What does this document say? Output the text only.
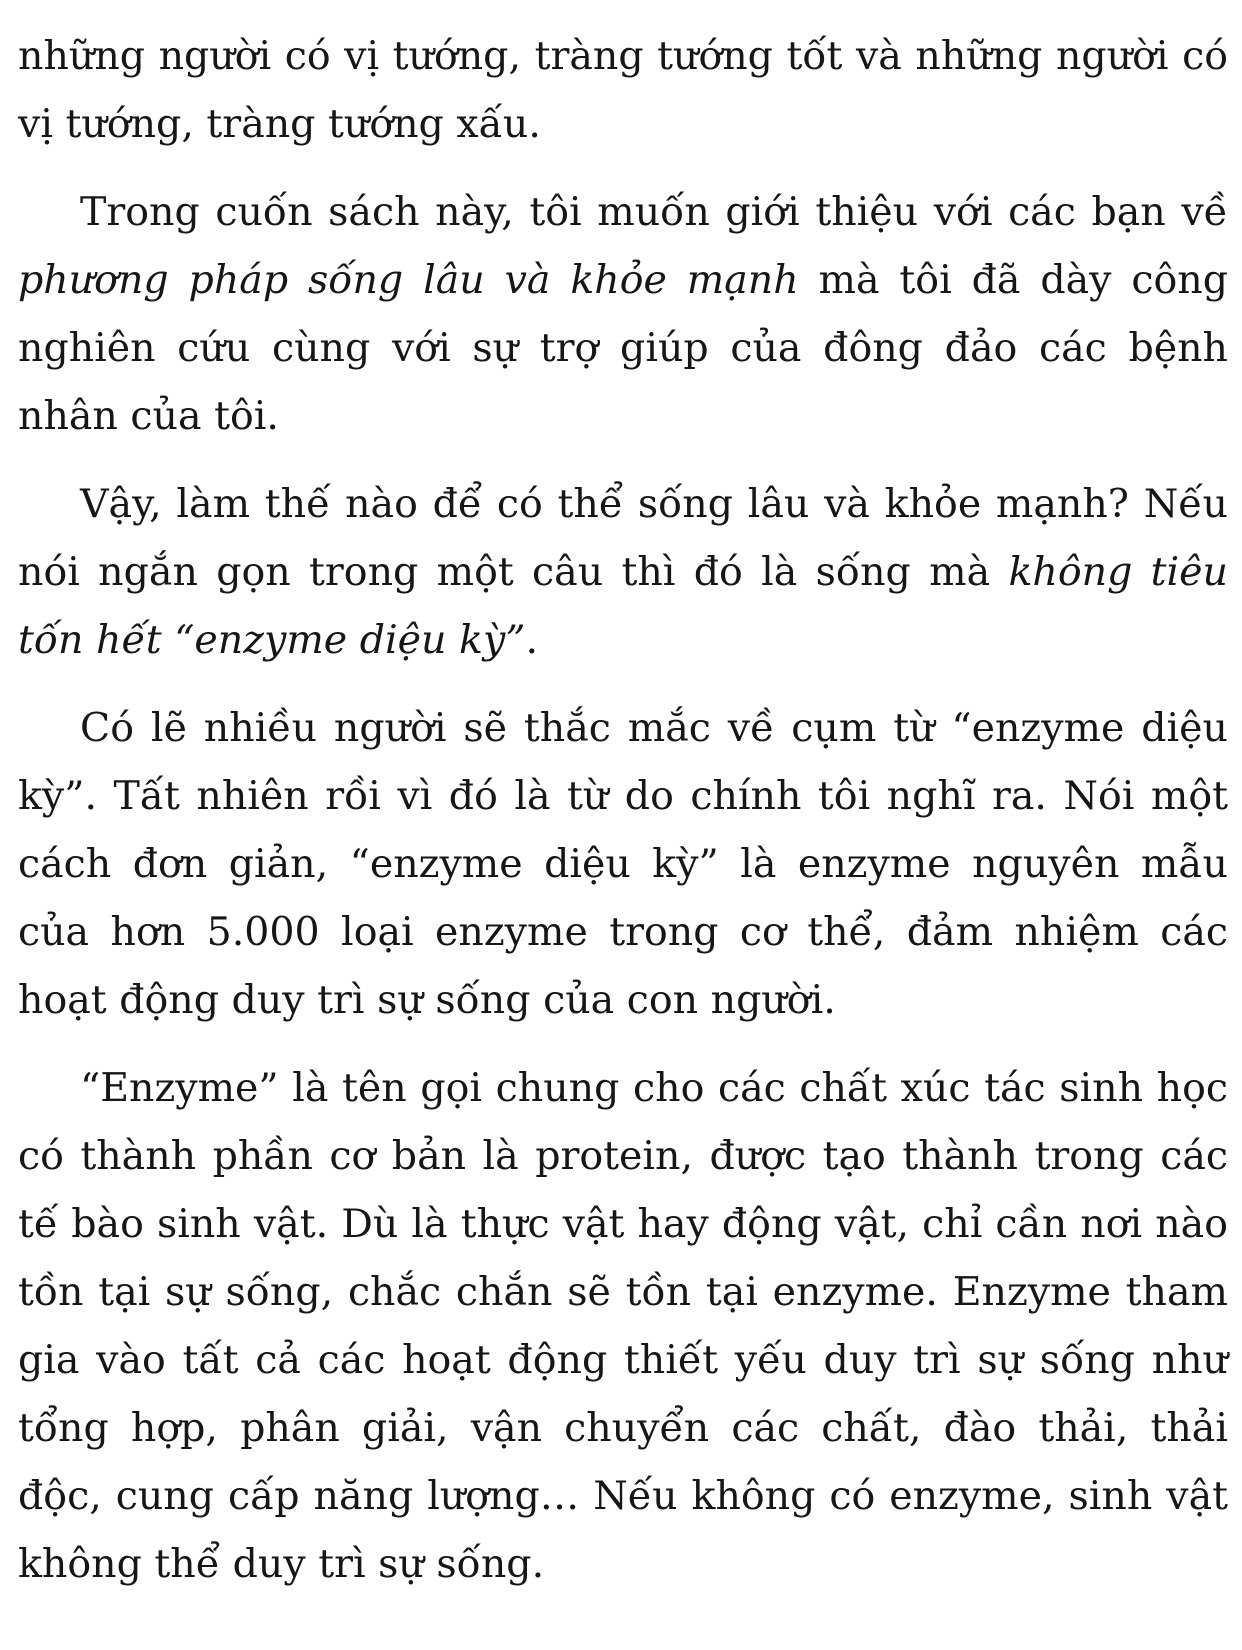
những người có vị tướng, tràng tướng tốt và những người có vị tướng, tràng tướng xấu.

Trong cuốn sách này, tôi muốn giới thiệu với các bạn về phương pháp sống lâu và khỏe mạnh mà tôi đã dày công nghiên cứu cùng với sự trợ giúp của đông đảo các bệnh nhân của tôi.

Vậy, làm thế nào để có thể sống lâu và khỏe mạnh? Nếu nói ngắn gọn trong một câu thì đó là sống mà không tiêu tốn hết “enzyme diệu kỳ”.

Có lẽ nhiều người sẽ thắc mắc về cụm từ “enzyme diệu kỳ”. Tất nhiên rồi vì đó là từ do chính tôi nghĩ ra. Nói một cách đơn giản, “enzyme diệu kỳ” là enzyme nguyên mẫu của hơn 5.000 loại enzyme trong cơ thể, đảm nhiệm các hoạt động duy trì sự sống của con người.

“Enzyme” là tên gọi chung cho các chất xúc tác sinh học có thành phần cơ bản là protein, được tạo thành trong các tế bào sinh vật. Dù là thực vật hay động vật, chỉ cần nơi nào tồn tại sự sống, chắc chắn sẽ tồn tại enzyme. Enzyme tham gia vào tất cả các hoạt động thiết yếu duy trì sự sống như tổng hợp, phân giải, vận chuyển các chất, đào thải, thải độc, cung cấp năng lượng… Nếu không có enzyme, sinh vật không thể duy trì sự sống.
